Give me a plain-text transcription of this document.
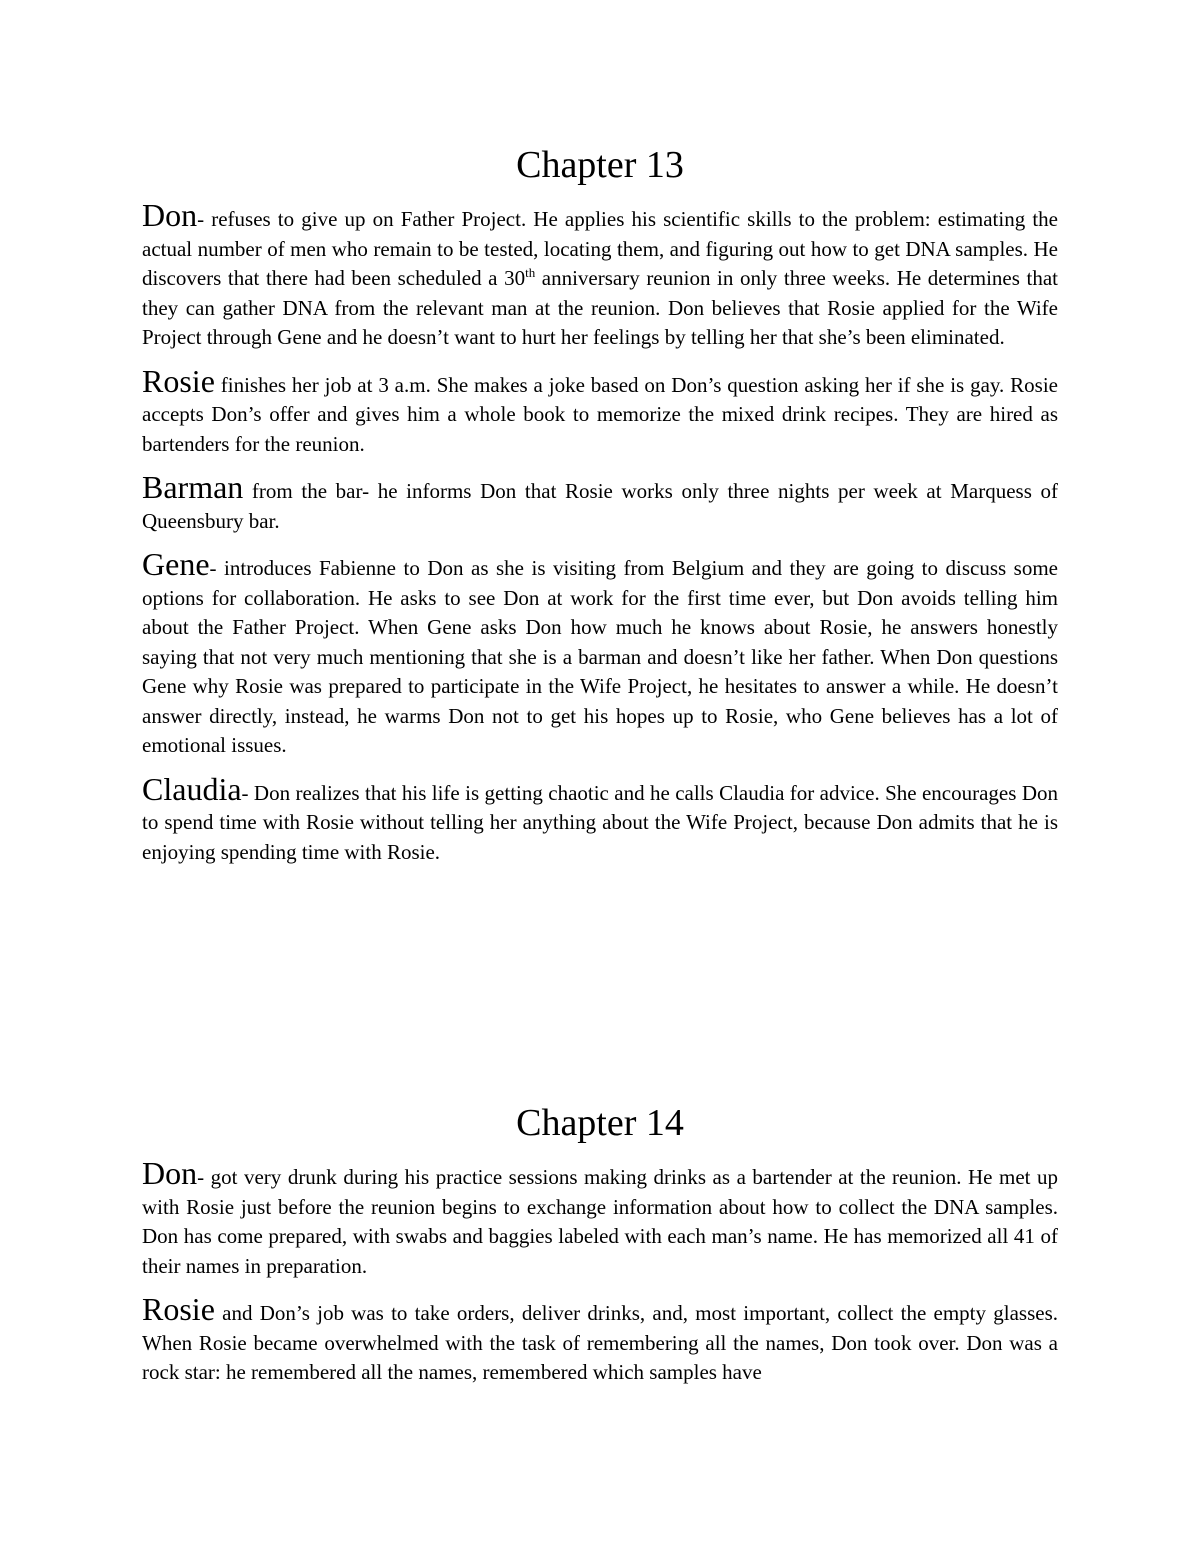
Chapter 13

Don- refuses to give up on Father Project. He applies his scientific skills to the problem: estimating the actual number of men who remain to be tested, locating them, and figuring out how to get DNA samples. He discovers that there had been scheduled a 30th anniversary reunion in only three weeks. He determines that they can gather DNA from the relevant man at the reunion. Don believes that Rosie applied for the Wife Project through Gene and he doesn’t want to hurt her feelings by telling her that she’s been eliminated.

Rosie finishes her job at 3 a.m. She makes a joke based on Don’s question asking her if she is gay. Rosie accepts Don’s offer and gives him a whole book to memorize the mixed drink recipes. They are hired as bartenders for the reunion.

Barman from the bar- he informs Don that Rosie works only three nights per week at Marquess of Queensbury bar.

Gene- introduces Fabienne to Don as she is visiting from Belgium and they are going to discuss some options for collaboration. He asks to see Don at work for the first time ever, but Don avoids telling him about the Father Project. When Gene asks Don how much he knows about Rosie, he answers honestly saying that not very much mentioning that she is a barman and doesn’t like her father. When Don questions Gene why Rosie was prepared to participate in the Wife Project, he hesitates to answer a while. He doesn’t answer directly, instead, he warms Don not to get his hopes up to Rosie, who Gene believes has a lot of emotional issues.

Claudia- Don realizes that his life is getting chaotic and he calls Claudia for advice. She encourages Don to spend time with Rosie without telling her anything about the Wife Project, because Don admits that he is enjoying spending time with Rosie.

Chapter 14

Don- got very drunk during his practice sessions making drinks as a bartender at the reunion. He met up with Rosie just before the reunion begins to exchange information about how to collect the DNA samples. Don has come prepared, with swabs and baggies labeled with each man’s name. He has memorized all 41 of their names in preparation.

Rosie and Don’s job was to take orders, deliver drinks, and, most important, collect the empty glasses. When Rosie became overwhelmed with the task of remembering all the names, Don took over. Don was a rock star: he remembered all the names, remembered which samples have
